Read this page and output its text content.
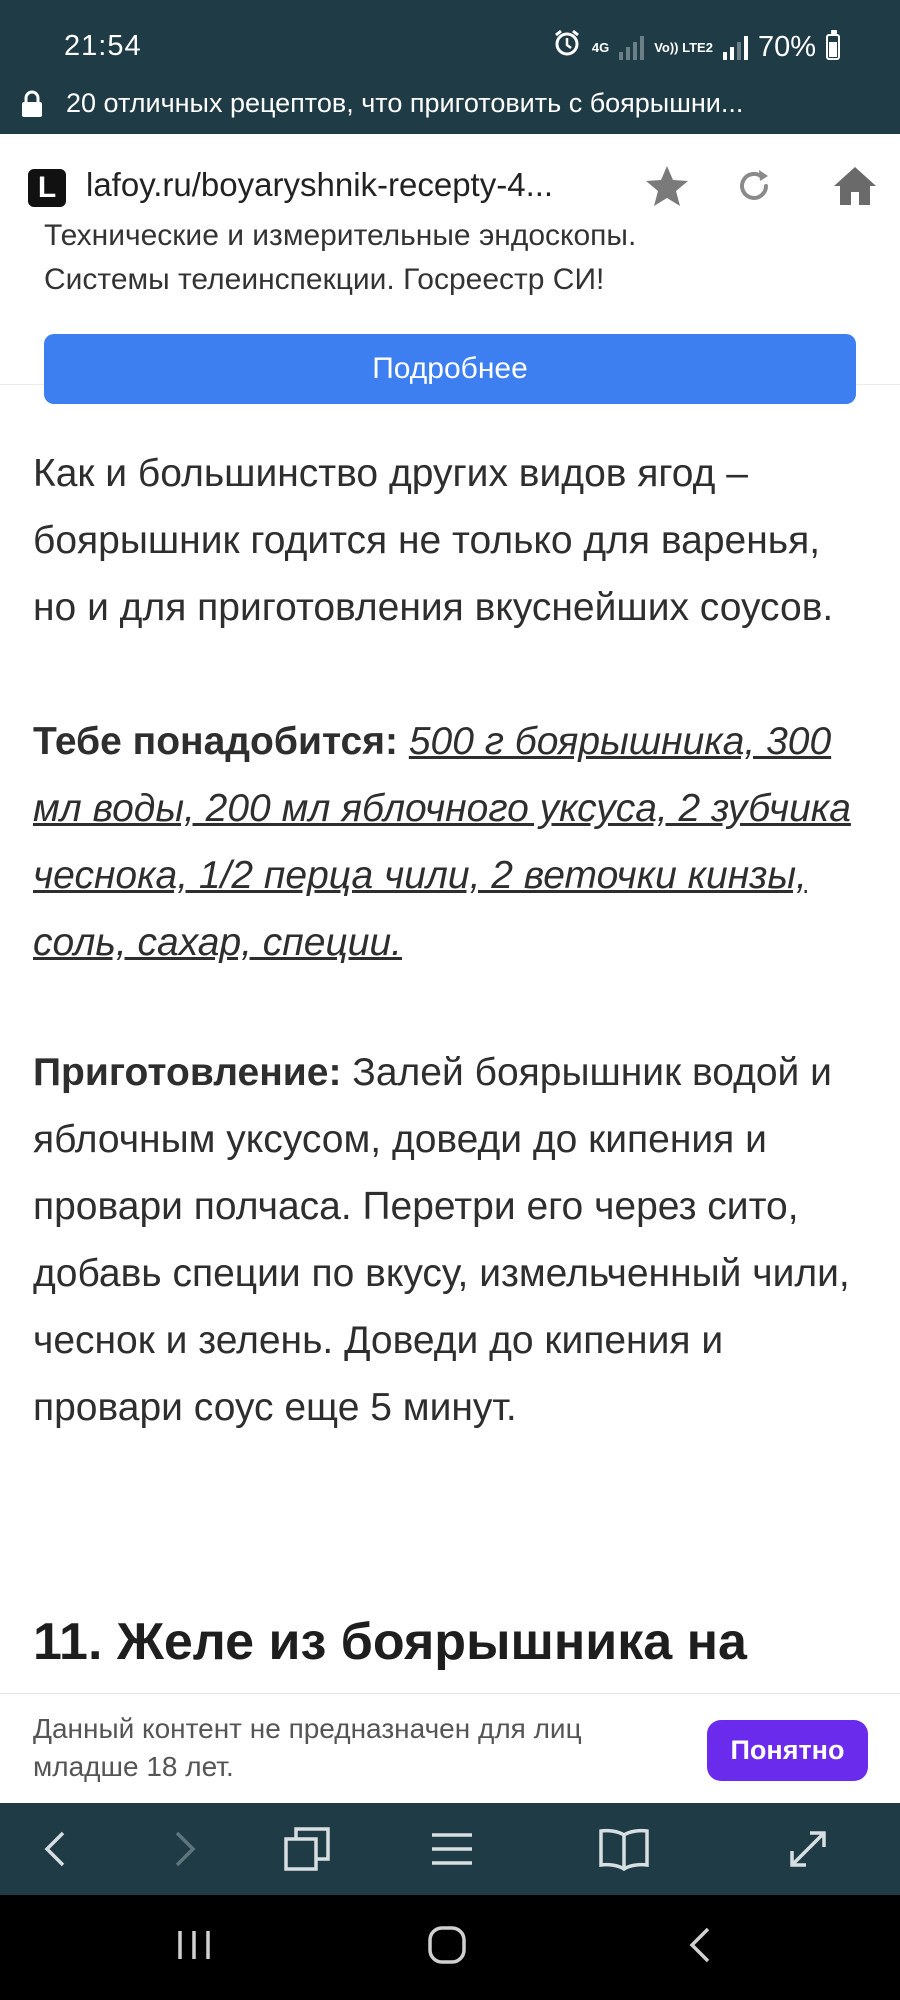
21:54	4G	Vo)) LTE2 70%
20 отличных рецептов, что приготовить с боярышни...
L lafoy.ru/boyaryshnik-recepty-4...
Технические и измерительные эндоскопы.
Системы телеинспекции. Госреестр СИ!
Подробнее

Как и большинство других видов ягод – боярышник годится не только для варенья, но и для приготовления вкуснейших соусов.

Тебе понадобится: 500 г боярышника, 300 мл воды, 200 мл яблочного уксуса, 2 зубчика чеснока, 1/2 перца чили, 2 веточки кинзы, соль, сахар, специи.

Приготовление: Залей боярышник водой и яблочным уксусом, доведи до кипения и провари полчаса. Перетри его через сито, добавь специи по вкусу, измельченный чили, чеснок и зелень. Доведи до кипения и провари соус еще 5 минут.

11. Желе из боярышника на
Данный контент не предназначен для лиц младше 18 лет.
Понятно
